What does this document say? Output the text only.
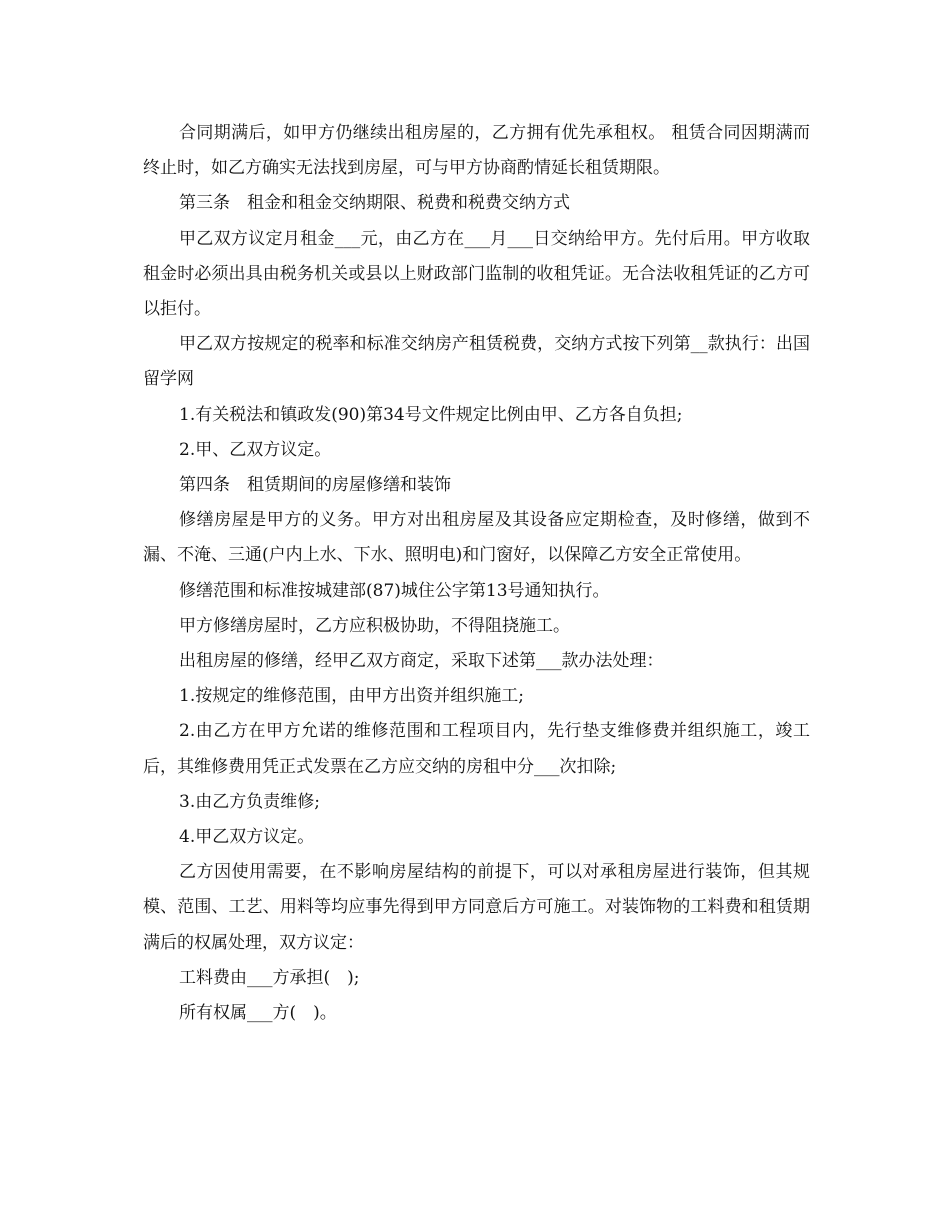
合同期满后，如甲方仍继续出租房屋的，乙方拥有优先承租权。 租赁合同因期满而终止时，如乙方确实无法找到房屋，可与甲方协商酌情延长租赁期限。

第三条　租金和租金交纳期限、税费和税费交纳方式

甲乙双方议定月租金___元，由乙方在___月___日交纳给甲方。先付后用。甲方收取租金时必须出具由税务机关或县以上财政部门监制的收租凭证。无合法收租凭证的乙方可以拒付。

甲乙双方按规定的税率和标准交纳房产租赁税费，交纳方式按下列第__款执行：出国留学网

1.有关税法和镇政发(90)第34号文件规定比例由甲、乙方各自负担;

2.甲、乙双方议定。

第四条　租赁期间的房屋修缮和装饰

修缮房屋是甲方的义务。甲方对出租房屋及其设备应定期检查，及时修缮，做到不漏、不淹、三通(户内上水、下水、照明电)和门窗好，以保障乙方安全正常使用。

修缮范围和标准按城建部(87)城住公字第13号通知执行。

甲方修缮房屋时，乙方应积极协助，不得阻挠施工。

出租房屋的修缮，经甲乙双方商定，采取下述第___款办法处理：

1.按规定的维修范围，由甲方出资并组织施工;

2.由乙方在甲方允诺的维修范围和工程项目内，先行垫支维修费并组织施工，竣工后，其维修费用凭正式发票在乙方应交纳的房租中分___次扣除;

3.由乙方负责维修;

4.甲乙双方议定。

乙方因使用需要，在不影响房屋结构的前提下，可以对承租房屋进行装饰，但其规模、范围、工艺、用料等均应事先得到甲方同意后方可施工。对装饰物的工料费和租赁期满后的权属处理，双方议定：

工料费由___方承担(　);

所有权属___方(　)。
